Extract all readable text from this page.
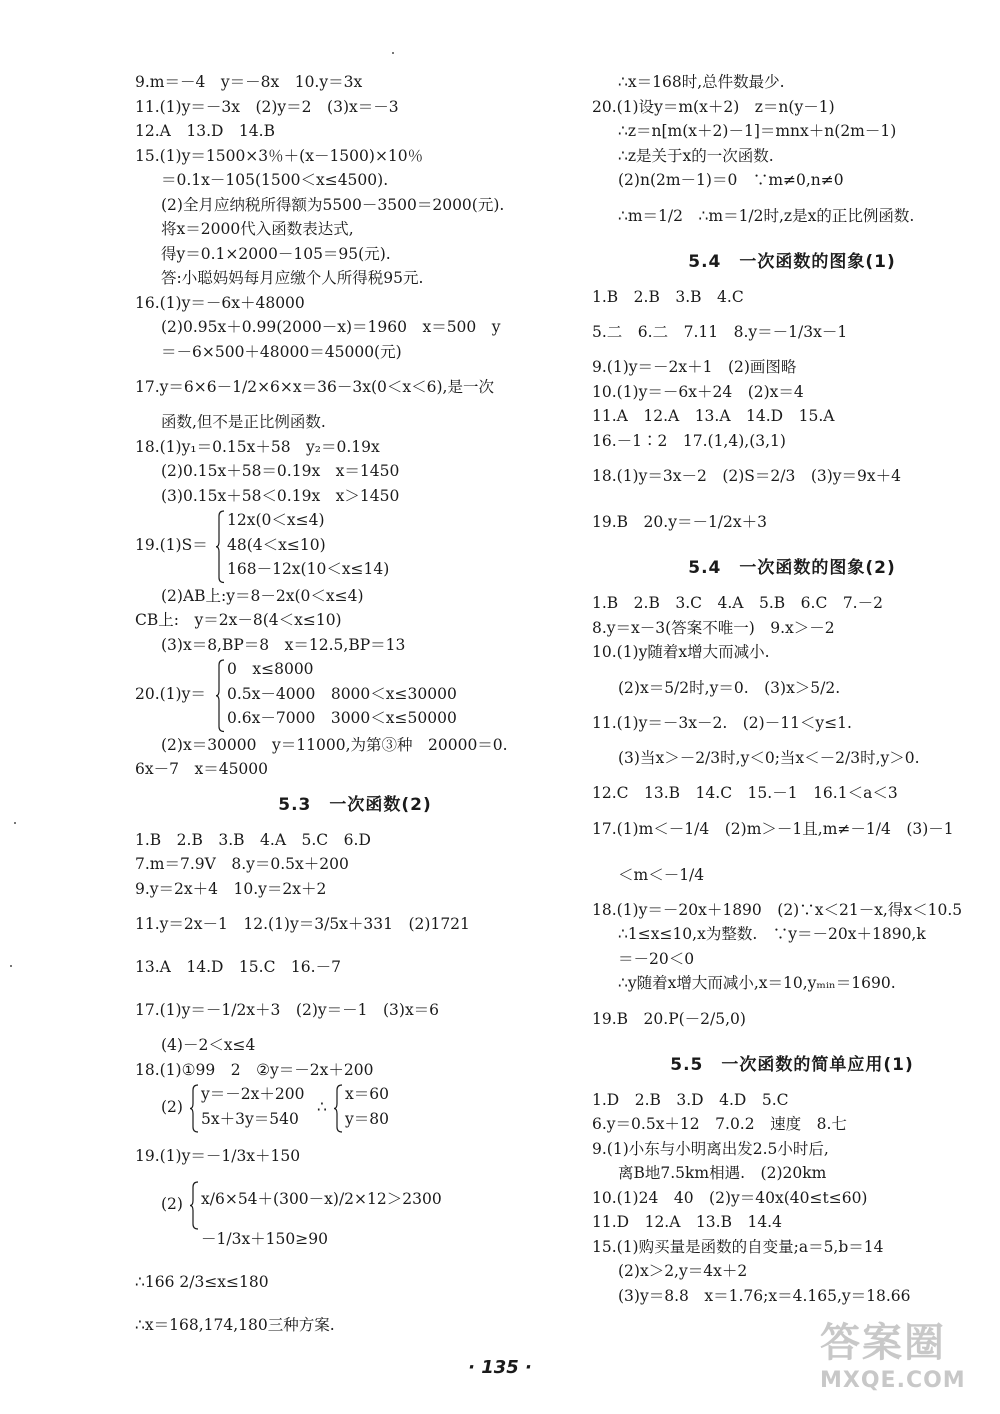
9.m＝－4　y＝－8x　10.y＝3x
11.(1)y＝－3x　(2)y＝2　(3)x＝－3
12.A　13.D　14.B
15.(1)y＝1500×3％＋(x－1500)×10％
＝0.1x－105(1500＜x≤4500).
(2)全月应纳税所得额为5500－3500＝2000(元).
将x＝2000代入函数表达式,
得y＝0.1×2000－105＝95(元).
答:小聪妈妈每月应缴个人所得税95元.
16.(1)y＝－6x＋48000
(2)0.95x＋0.99(2000－x)＝1960　x＝500　y
＝－6×500＋48000＝45000(元)
17.y＝6×6－1/2×6×x＝36－3x(0＜x＜6),是一次
函数,但不是正比例函数.
18.(1)y₁＝0.15x＋58　y₂＝0.19x
(2)0.15x＋58＝0.19x　x＝1450
(3)0.15x＋58＜0.19x　x＞1450
19.(1)S＝
12x(0＜x≤4)
48(4＜x≤10)
168－12x(10＜x≤14)
(2)AB上:y＝8－2x(0＜x≤4)
CB上:　y＝2x－8(4＜x≤10)
(3)x＝8,BP＝8　x＝12.5,BP＝13
20.(1)y＝
0　x≤8000
0.5x－4000　8000＜x≤30000
0.6x－7000　3000＜x≤50000
(2)x＝30000　y＝11000,为第③种　20000＝0.
6x－7　x＝45000
5.3　一次函数(2)
1.B　2.B　3.B　4.A　5.C　6.D
7.m＝7.9V　8.y＝0.5x＋200
9.y＝2x＋4　10.y＝2x＋2
11.y＝2x－1　12.(1)y＝3/5x＋331　(2)1721
13.A　14.D　15.C　16.－7
17.(1)y＝－1/2x＋3　(2)y＝－1　(3)x＝6
(4)－2＜x≤4
18.(1)①99　2　②y＝－2x＋200
(2)
y＝－2x＋200
5x＋3y＝540
∴
x＝60
y＝80
19.(1)y＝－1/3x＋150
(2) x/6×54＋(300－x)/2×12＞2300
－1/3x＋150≥90
∴166 2/3≤x≤180
∴x＝168,174,180三种方案.
∴x＝168时,总件数最少.
20.(1)设y＝m(x＋2)　z＝n(y－1)
∴z＝n[m(x＋2)－1]＝mnx＋n(2m－1)
∴z是关于x的一次函数.
(2)n(2m－1)＝0　∵m≠0,n≠0
∴m＝1/2　∴m＝1/2时,z是x的正比例函数.
5.4　一次函数的图象(1)
1.B　2.B　3.B　4.C
5.二　6.二　7.11　8.y＝－1/3x－1
9.(1)y＝－2x＋1　(2)画图略
10.(1)y＝－6x＋24　(2)x＝4
11.A　12.A　13.A　14.D　15.A
16.－1∶2　17.(1,4),(3,1)
18.(1)y＝3x－2　(2)S＝2/3　(3)y＝9x＋4
19.B　20.y＝－1/2x＋3
5.4　一次函数的图象(2)
1.B　2.B　3.C　4.A　5.B　6.C　7.－2
8.y＝x－3(答案不唯一)　9.x＞－2
10.(1)y随着x增大而减小.
(2)x＝5/2时,y＝0.　(3)x＞5/2.
11.(1)y＝－3x－2.　(2)－11＜y≤1.
(3)当x＞－2/3时,y＜0;当x＜－2/3时,y＞0.
12.C　13.B　14.C　15.－1　16.1＜a＜3
17.(1)m＜－1/4　(2)m＞－1且,m≠－1/4　(3)－1
＜m＜－1/4
18.(1)y＝－20x＋1890　(2)∵x＜21－x,得x＜10.5
∴1≤x≤10,x为整数.　∵y＝－20x＋1890,k
＝－20＜0
∴y随着x增大而减小,x＝10,yₘᵢₙ＝1690.
19.B　20.P(－2/5,0)
5.5　一次函数的简单应用(1)
1.D　2.B　3.D　4.D　5.C
6.y＝0.5x＋12　7.0.2　速度　8.七
9.(1)小东与小明离出发2.5小时后,
离B地7.5km相遇.　(2)20km
10.(1)24　40　(2)y＝40x(40≤t≤60)
11.D　12.A　13.B　14.4
15.(1)购买量是函数的自变量;a＝5,b＝14
(2)x＞2,y＝4x＋2
(3)y＝8.8　x＝1.76;x＝4.165,y＝18.66
· 135 ·
答案圈
MXQE.COM
